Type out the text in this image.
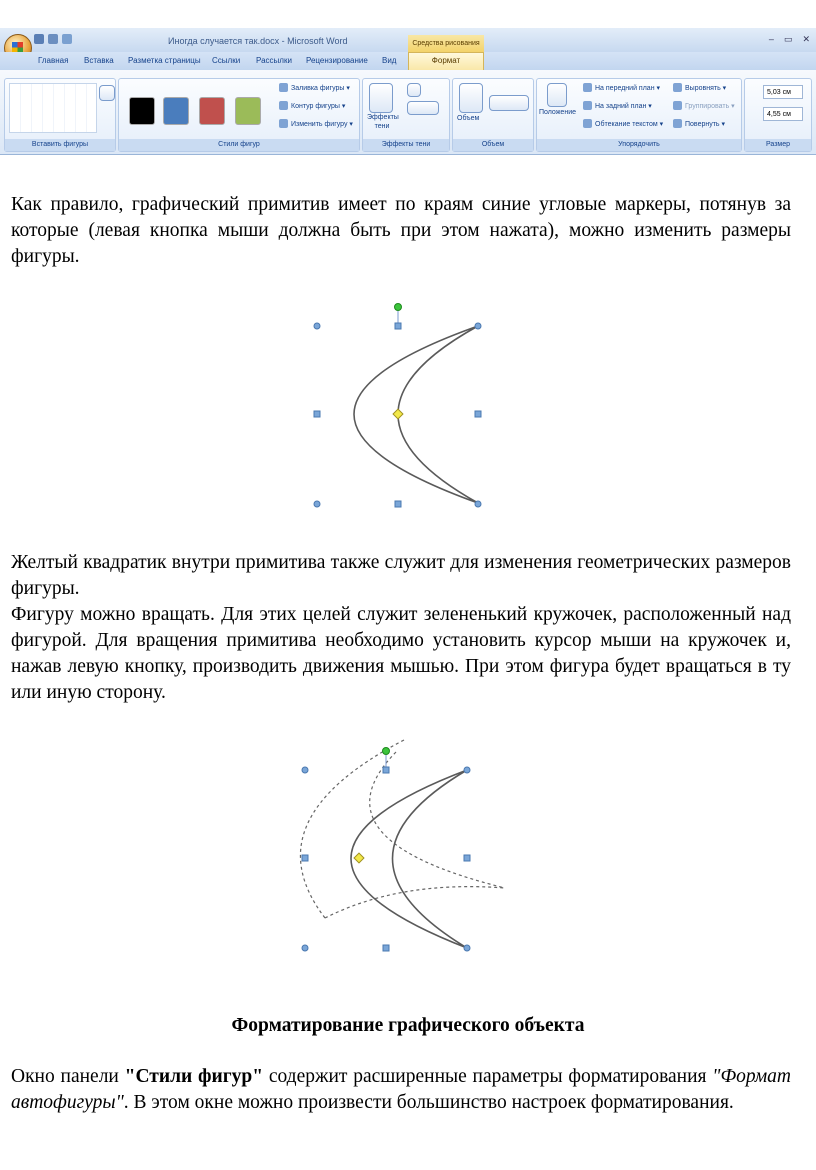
Иногда случается так.docx - Microsoft Word	Средства рисования	– ▭ ✕
Главная Вставка Разметка страницы Ссылки Рассылки Рецензирование Вид	Формат
Вставить фигуры
Заливка фигуры ▾
Контур фигуры ▾
Изменить фигуру ▾
Стили фигур
Эффекты тени
Эффекты тени
Объем
Объем
Положение
На передний план ▾
На задний план ▾
Обтекание текстом ▾
Выровнять ▾
Группировать ▾
Повернуть ▾
Упорядочить
5,03 см
4,55 см
Размер

Как правило, графический примитив имеет по краям синие угловые маркеры, потянув за которые (левая кнопка мыши должна быть при этом нажата), можно изменить размеры фигуры.

Желтый квадратик внутри примитива также служит для изменения геометрических размеров фигуры.

Фигуру можно вращать. Для этих целей служит зелененький кружочек, расположенный над фигурой. Для вращения примитива необходимо установить курсор мыши на кружочек и, нажав левую кнопку, производить движения мышью. При этом фигура будет вращаться в ту или иную сторону.

Форматирование графического объекта

Окно панели "Стили фигур" содержит расширенные параметры форматирования "Формат автофигуры". В этом окне можно произвести большинство настроек форматирования.
